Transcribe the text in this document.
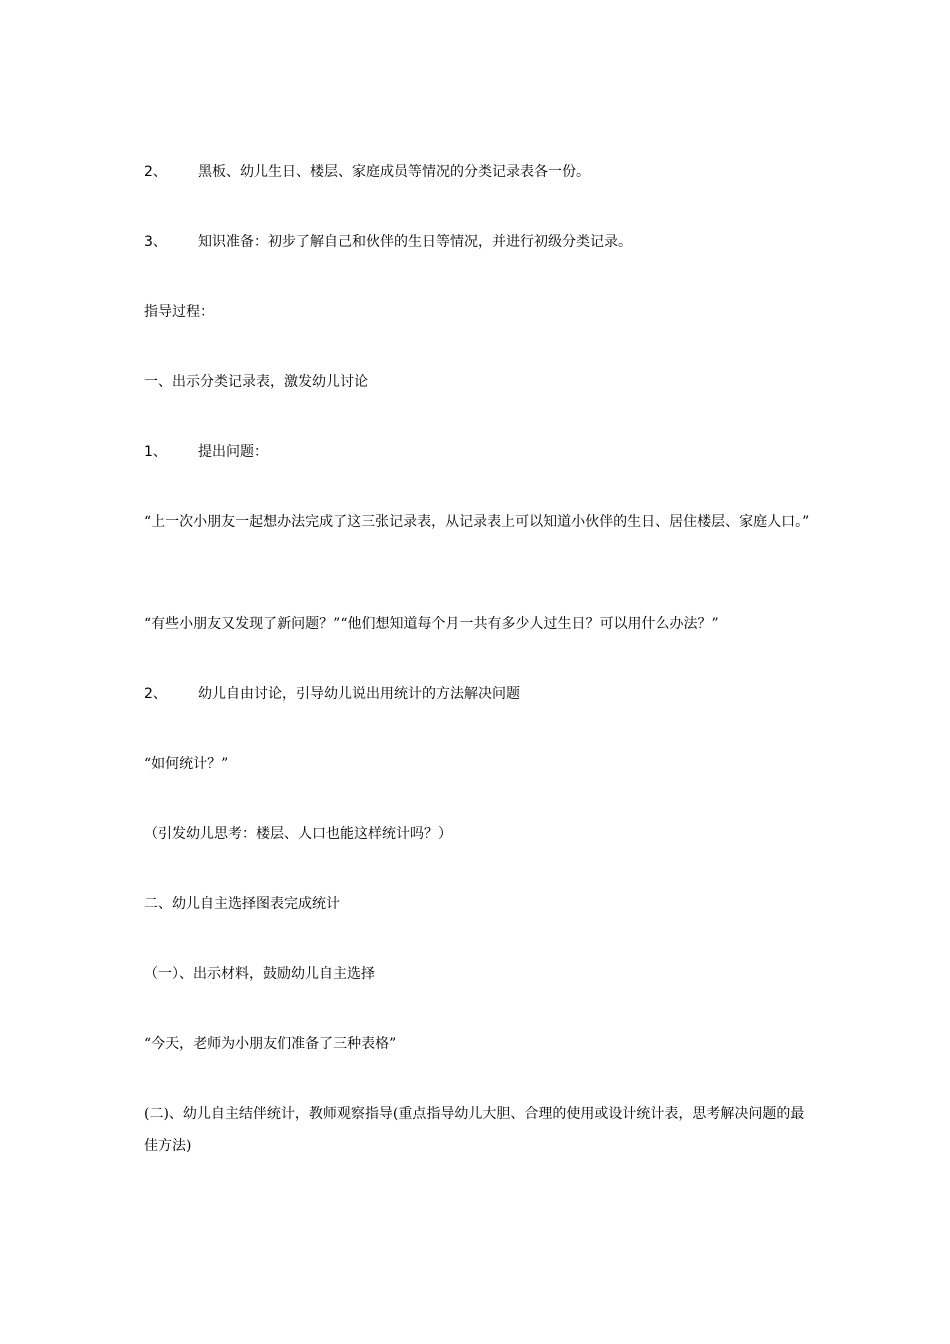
2、 黑板、幼儿生日、楼层、家庭成员等情况的分类记录表各一份。
3、 知识准备：初步了解自己和伙伴的生日等情况，并进行初级分类记录。
指导过程：
一、出示分类记录表，激发幼儿讨论
1、 提出问题：
“上一次小朋友一起想办法完成了这三张记录表，从记录表上可以知道小伙伴的生日、居住楼层、家庭人口。”
“有些小朋友又发现了新问题？”“他们想知道每个月一共有多少人过生日？可以用什么办法？”
2、 幼儿自由讨论，引导幼儿说出用统计的方法解决问题
“如何统计？”
（引发幼儿思考：楼层、人口也能这样统计吗？）
二、幼儿自主选择图表完成统计
（一）、出示材料，鼓励幼儿自主选择
“今天，老师为小朋友们准备了三种表格”
(二)、幼儿自主结伴统计，教师观察指导(重点指导幼儿大胆、合理的使用或设计统计表，思考解决问题的最佳方法)
